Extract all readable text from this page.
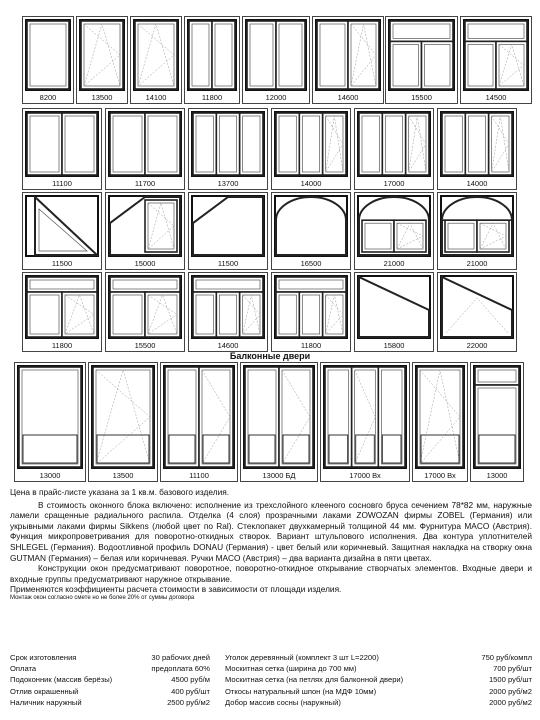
8200	13500	14100	11800	12000	14600	15500	14500
11100	11700	13700	14000	17000	14000
11500	15000	11500	16500	21000	21000
11800	15500	14600	11800	15800	22000
13000	13500	11100	13000 БД	17000 Вх	17000 Вх	13000
Балконные двери

Цена в прайс-листе указана за 1 кв.м. базового изделия.

В стоимость оконного блока включено: исполнение из трехслойного клееного сосновго бруса сечением 78*82 мм, наружные ламели сращенные радиального распила. Отделка (4 слоя) прозрачными лаками ZOWOZAN фирмы ZOBEL (Германия) или укрывными лаками фирмы Sikkens (любой цвет по Ral). Стеклопакет двухкамерный толщиной 44 мм. Фурнитура MACO (Австрия). Функция микропроветривания для поворотно-откидных створок. Вариант штульпового исполнения. Два контура уплотнителей SHLEGEL (Германия). Водоотливной профиль DONAU (Германия) - цвет белый или коричневый. Защитная накладка на створку окна GUTMAN (Германия) – белая или коричневая. Ручки MACO (Австрия) – два варианта дизайна в пяти цветах.

Конструкции окон предусматривают поворотное, поворотно-откидное открывание створчатых элементов. Входные двери и входные группы предусматривают наружное открывание.

Применяются коэффициенты расчета стоимости в зависимости от площади изделия.

Монтаж окон согласно смете но не более 20% от суммы договора

Срок изготовления	30 рабочих дней Уголок деревянный (комплект 3 шт L=2200)	750 руб/компл
Оплата	предоплата 60% Москитная сетка (ширина до 700 мм)	700 руб/шт
Подоконник (массив берёзы)	4500 руб/м Москитная сетка (на петлях для балконной двери)	1500 руб/шт
Отлив окрашенный	400 руб/шт Откосы натуральный шпон (на МДФ 10мм)	2000 руб/м2
Наличник наружный	2500 руб/м2 Добор массив сосны (наружный)	2000 руб/м2
